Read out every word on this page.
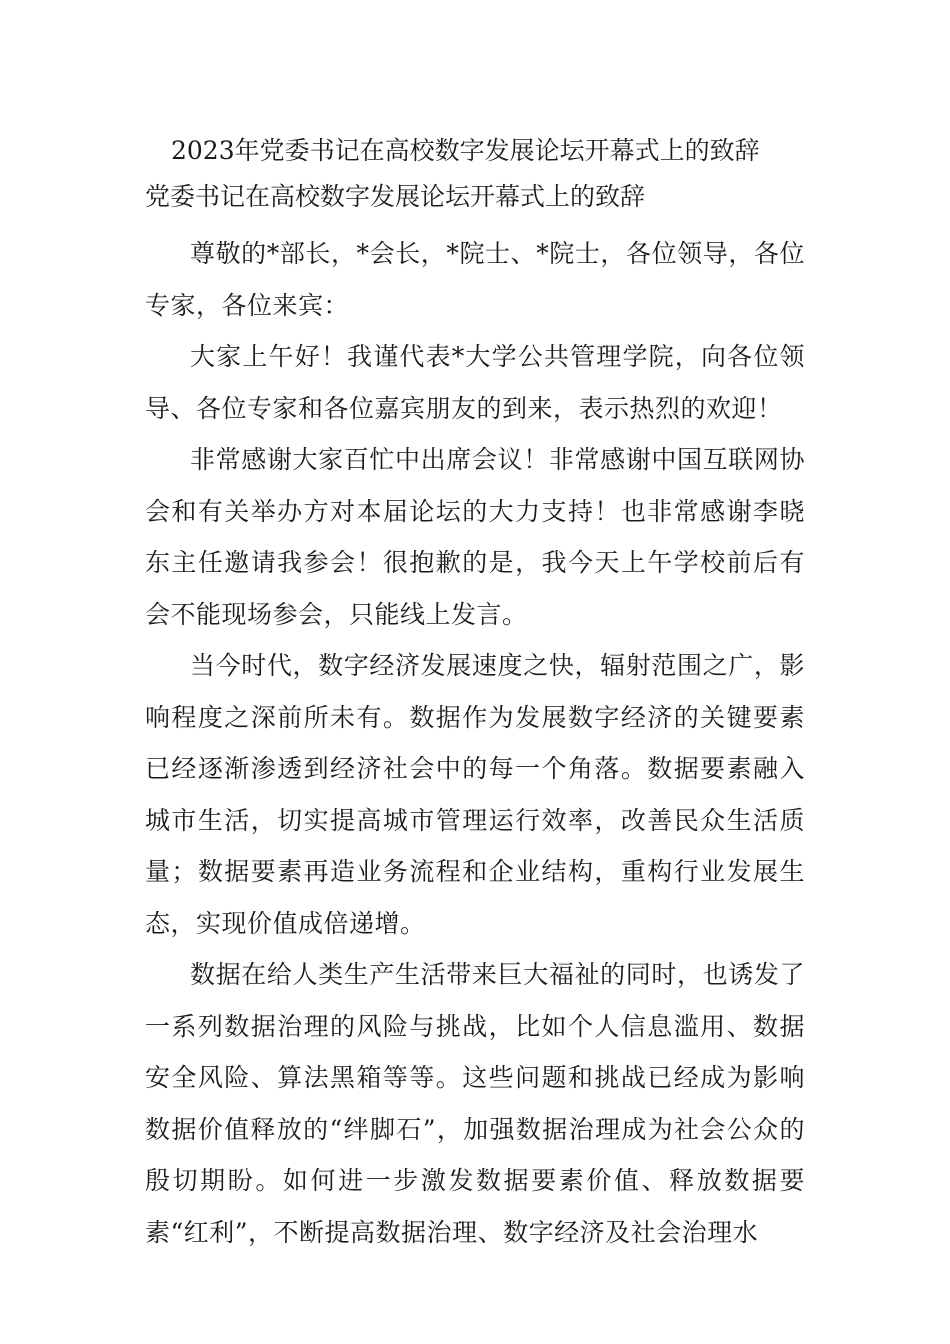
2023年党委书记在高校数字发展论坛开幕式上的致辞
党委书记在高校数字发展论坛开幕式上的致辞

尊敬的*部长，*会长，*院士、*院士，各位领导，各位专家，各位来宾：

大家上午好！我谨代表*大学公共管理学院，向各位领导、各位专家和各位嘉宾朋友的到来，表示热烈的欢迎！

非常感谢大家百忙中出席会议！非常感谢中国互联网协会和有关举办方对本届论坛的大力支持！也非常感谢李晓东主任邀请我参会！很抱歉的是，我今天上午学校前后有会不能现场参会，只能线上发言。

当今时代，数字经济发展速度之快，辐射范围之广，影响程度之深前所未有。数据作为发展数字经济的关键要素已经逐渐渗透到经济社会中的每一个角落。数据要素融入城市生活，切实提高城市管理运行效率，改善民众生活质量；数据要素再造业务流程和企业结构，重构行业发展生态，实现价值成倍递增。

数据在给人类生产生活带来巨大福祉的同时，也诱发了一系列数据治理的风险与挑战，比如个人信息滥用、数据安全风险、算法黑箱等等。这些问题和挑战已经成为影响数据价值释放的“绊脚石”，加强数据治理成为社会公众的殷切期盼。如何进一步激发数据要素价值、释放数据要素“红利”，不断提高数据治理、数字经济及社会治理水
